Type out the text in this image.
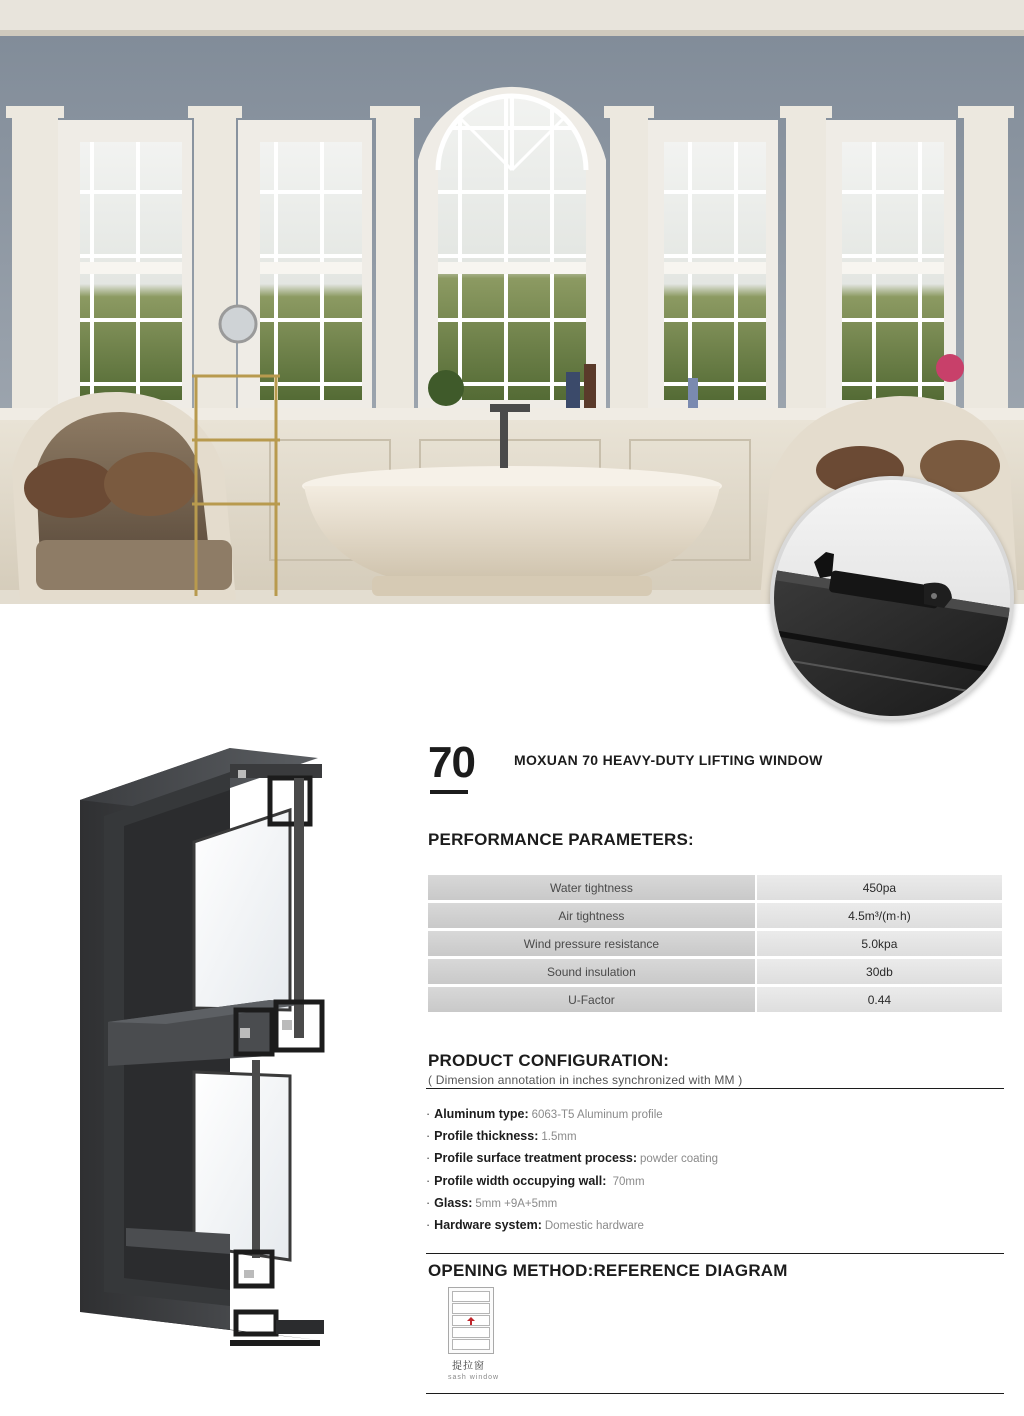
70	MOXUAN 70 HEAVY-DUTY LIFTING WINDOW
PERFORMANCE PARAMETERS:
Water tightness	450pa
Air tightness	4.5m³/(m·h)
Wind pressure resistance	5.0kpa
Sound insulation	30db
U-Factor	0.44
PRODUCT CONFIGURATION:
( Dimension annotation in inches synchronized with MM )
· Aluminum type: 6063-T5 Aluminum profile
· Profile thickness: 1.5mm
· Profile surface treatment process: powder coating
· Profile width occupying wall: 70mm
· Glass: 5mm +9A+5mm
· Hardware system: Domestic hardware
OPENING METHOD:REFERENCE DIAGRAM
提拉窗
sash window
